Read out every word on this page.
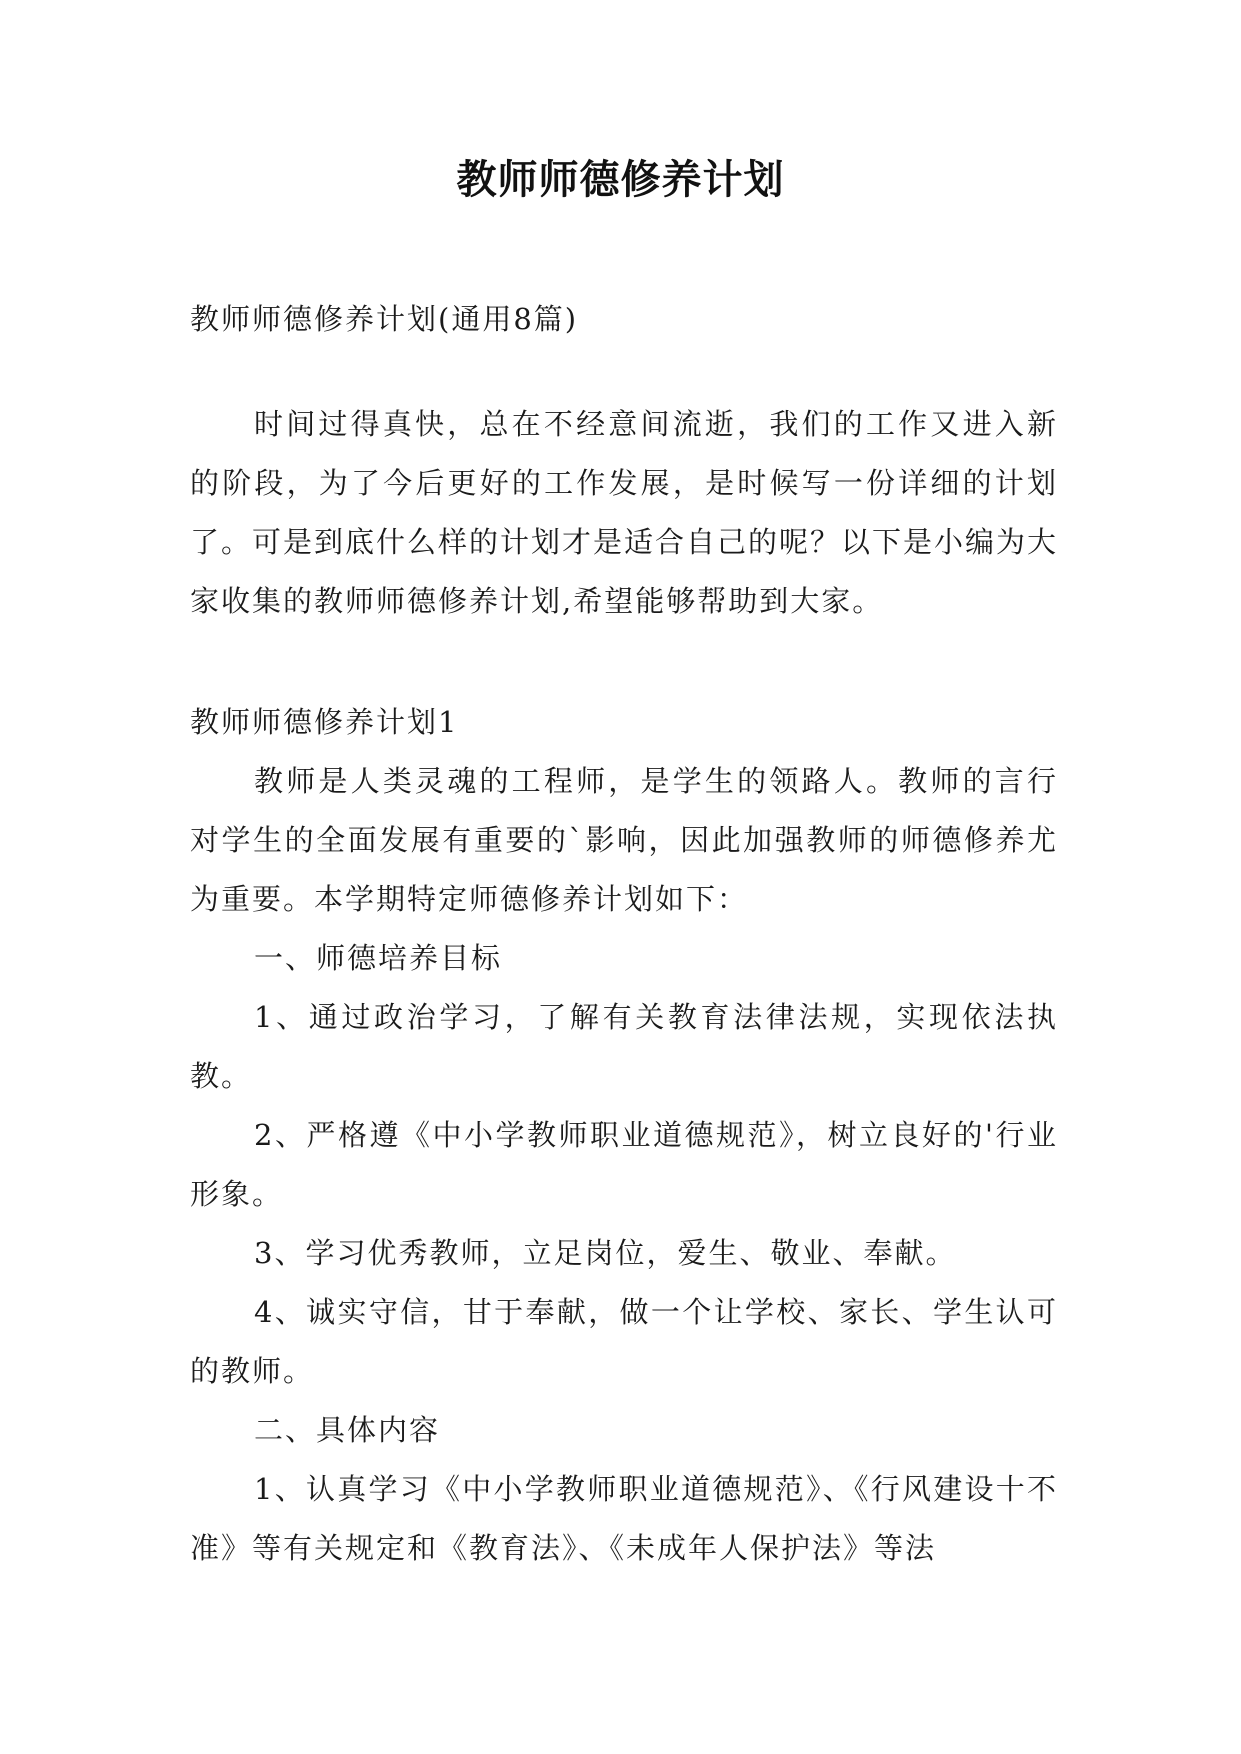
教师师德修养计划

教师师德修养计划(通用8篇)

时间过得真快，总在不经意间流逝，我们的工作又进入新的阶段，为了今后更好的工作发展，是时候写一份详细的计划了。可是到底什么样的计划才是适合自己的呢？以下是小编为大家收集的教师师德修养计划,希望能够帮助到大家。

教师师德修养计划1

教师是人类灵魂的工程师，是学生的领路人。教师的言行对学生的全面发展有重要的`影响，因此加强教师的师德修养尤为重要。本学期特定师德修养计划如下：

一、师德培养目标

1、通过政治学习，了解有关教育法律法规，实现依法执教。

2、严格遵《中小学教师职业道德规范》，树立良好的'行业形象。

3、学习优秀教师，立足岗位，爱生、敬业、奉献。

4、诚实守信，甘于奉献，做一个让学校、家长、学生认可的教师。

二、具体内容

1、认真学习《中小学教师职业道德规范》、《行风建设十不准》等有关规定和《教育法》、《未成年人保护法》等法
